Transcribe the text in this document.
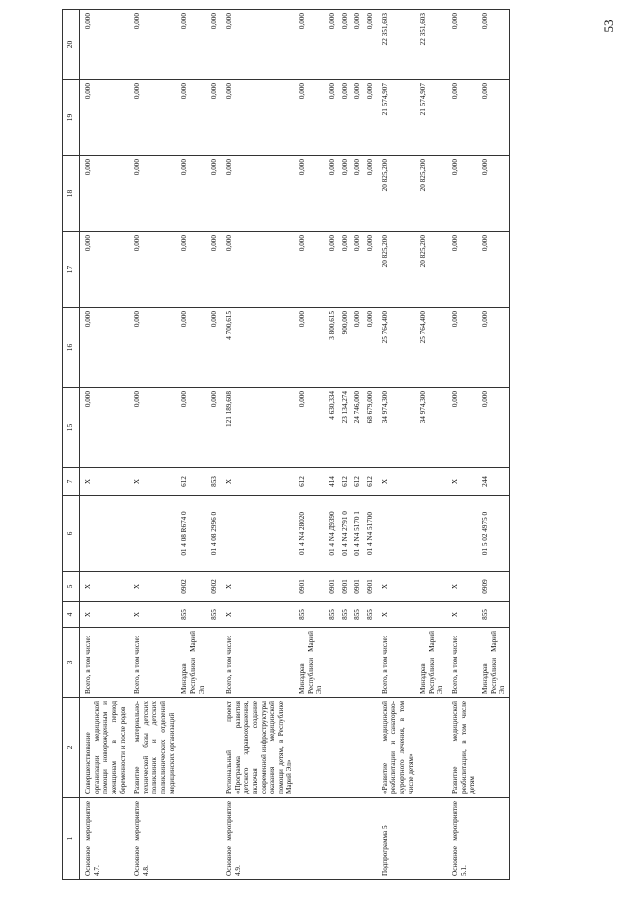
53
1	2	3	4	5	6	7	15	16	17	18	19	20
Основное мероприятие 4.7.	Совершенствование организации медицинской помощи новорожденным и женщинам в период беременности и после родов	Всего, в том числе:	X	X		X	0,000	0,000	0,000	0,000	0,000	0,000
Основное мероприятие 4.8.	Развитие материально-технической базы детских поликлиник и детских поликлинических отделений медицинских организаций	Всего, в том числе:	X	X		X	0,000	0,000	0,000	0,000	0,000	0,000
		Минздрав Республики Марий Эл	855	0902	01 4 08 R674 0	612	0,000	0,000	0,000	0,000	0,000	0,000
			855	0902	01 4 08 2996 0	853	0,000	0,000	0,000	0,000	0,000	0,000
Основное мероприятие 4.9.	Региональный проект «Программа развития детского здравоохранения, включая создание современной инфраструктуры оказания медицинской помощи детям, в Республике Марий Эл»	Всего, в том числе:	X	X		X	121 189,608	4 700,615	0,000	0,000	0,000	0,000
		Минздрав Республики Марий Эл	855	0901	01 4 N4 28020	612	0,000	0,000	0,000	0,000	0,000	0,000
			855	0901	01 4 N4 Д9390	414	4 630,334	3 800,615	0,000	0,000	0,000	0,000
			855	0901	01 4 N4 2791 0	612	23 134,274	900,000	0,000	0,000	0,000	0,000
			855	0901	01 4 N4 5170 1	612	24 746,000	0,000	0,000	0,000	0,000	0,000
			855	0901	01 4 N4 51700	612	68 679,000	0,000	0,000	0,000	0,000	0,000
Подпрограмма 5	«Развитие медицинской реабилитации и санаторно-курортного лечения, в том числе детям»	Всего, в том числе:	X	X		X	34 974,300	25 764,400	20 825,200	20 825,200	21 574,907	22 351,603
		Минздрав Республики Марий Эл					34 974,300	25 764,400	20 825,200	20 825,200	21 574,907	22 351,603
Основное мероприятие 5.1.	Развитие медицинской реабилитации, в том числе детям	Всего, в том числе:	X	X		X	0,000	0,000	0,000	0,000	0,000	0,000
		Минздрав Республики Марий Эл	855	0909	01 5 02 4975 0	244	0,000	0,000	0,000	0,000	0,000	0,000
